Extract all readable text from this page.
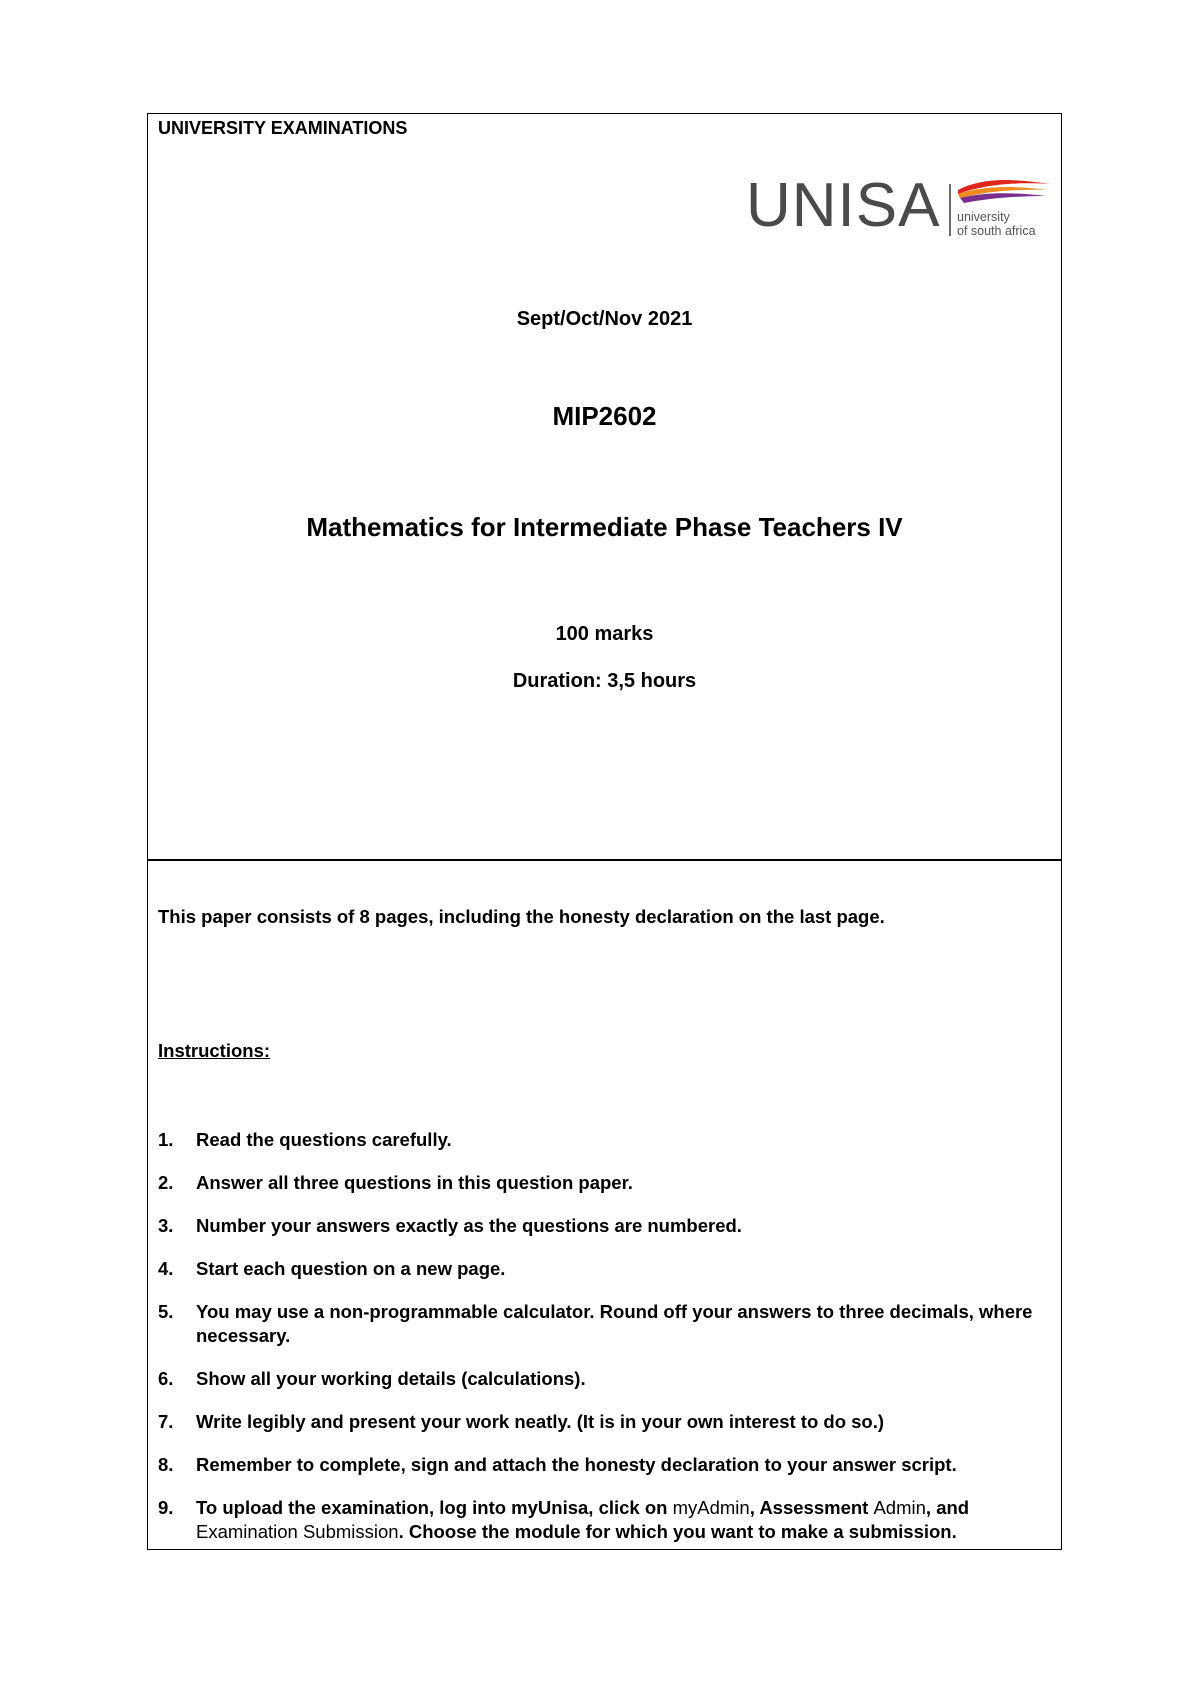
UNIVERSITY EXAMINATIONS
UNISA university
of south africa
Sept/Oct/Nov 2021
MIP2602
Mathematics for Intermediate Phase Teachers IV
100 marks
Duration: 3,5 hours
This paper consists of 8 pages, including the honesty declaration on the last page.
Instructions:
1. Read the questions carefully.
2. Answer all three questions in this question paper.
3. Number your answers exactly as the questions are numbered.
4. Start each question on a new page.
5. You may use a non-programmable calculator. Round off your answers to three decimals, where necessary.
6. Show all your working details (calculations).
7. Write legibly and present your work neatly. (It is in your own interest to do so.)
8. Remember to complete, sign and attach the honesty declaration to your answer script.
9. To upload the examination, log into myUnisa, click on myAdmin, Assessment Admin, and Examination Submission. Choose the module for which you want to make a submission.
